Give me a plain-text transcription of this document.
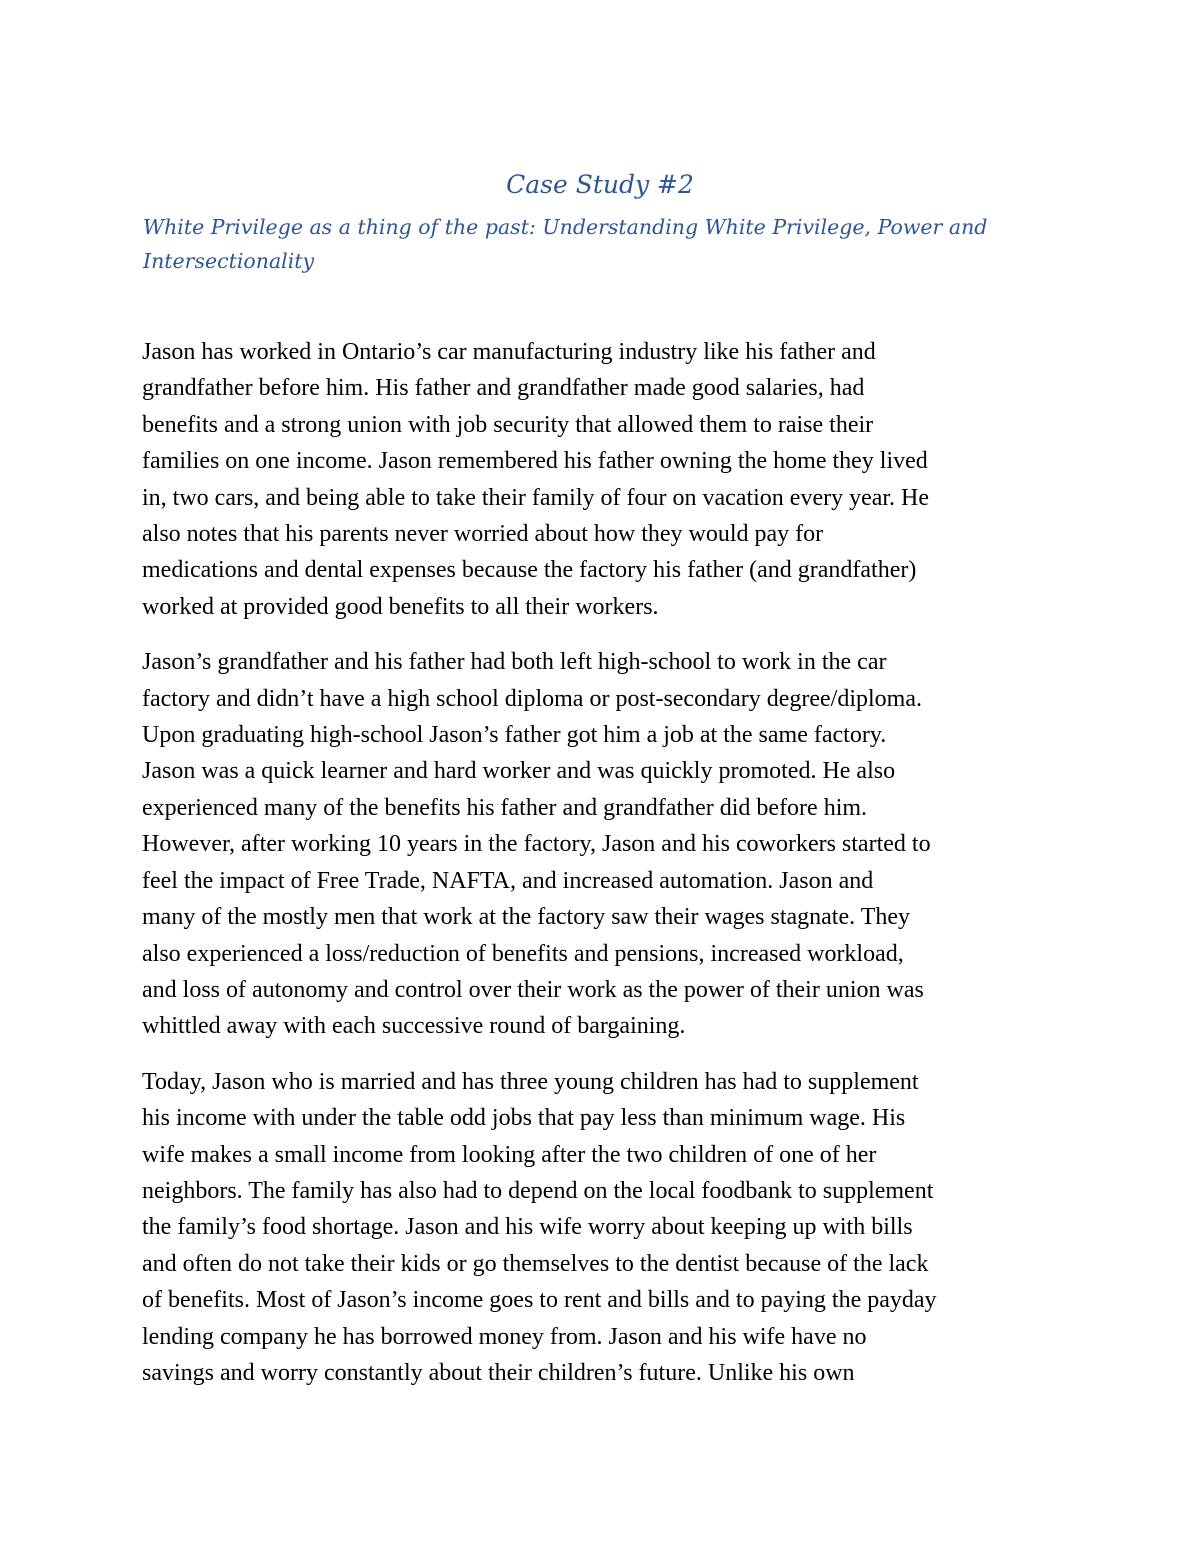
Case Study #2
White Privilege as a thing of the past: Understanding White Privilege, Power and
Intersectionality

Jason has worked in Ontario’s car manufacturing industry like his father and
grandfather before him. His father and grandfather made good salaries, had
benefits and a strong union with job security that allowed them to raise their
families on one income. Jason remembered his father owning the home they lived
in, two cars, and being able to take their family of four on vacation every year. He
also notes that his parents never worried about how they would pay for
medications and dental expenses because the factory his father (and grandfather)
worked at provided good benefits to all their workers.

Jason’s grandfather and his father had both left high-school to work in the car
factory and didn’t have a high school diploma or post-secondary degree/diploma.
Upon graduating high-school Jason’s father got him a job at the same factory.
Jason was a quick learner and hard worker and was quickly promoted. He also
experienced many of the benefits his father and grandfather did before him.
However, after working 10 years in the factory, Jason and his coworkers started to
feel the impact of Free Trade, NAFTA, and increased automation. Jason and
many of the mostly men that work at the factory saw their wages stagnate. They
also experienced a loss/reduction of benefits and pensions, increased workload,
and loss of autonomy and control over their work as the power of their union was
whittled away with each successive round of bargaining.

Today, Jason who is married and has three young children has had to supplement
his income with under the table odd jobs that pay less than minimum wage. His
wife makes a small income from looking after the two children of one of her
neighbors. The family has also had to depend on the local foodbank to supplement
the family’s food shortage. Jason and his wife worry about keeping up with bills
and often do not take their kids or go themselves to the dentist because of the lack
of benefits. Most of Jason’s income goes to rent and bills and to paying the payday
lending company he has borrowed money from. Jason and his wife have no
savings and worry constantly about their children’s future. Unlike his own
